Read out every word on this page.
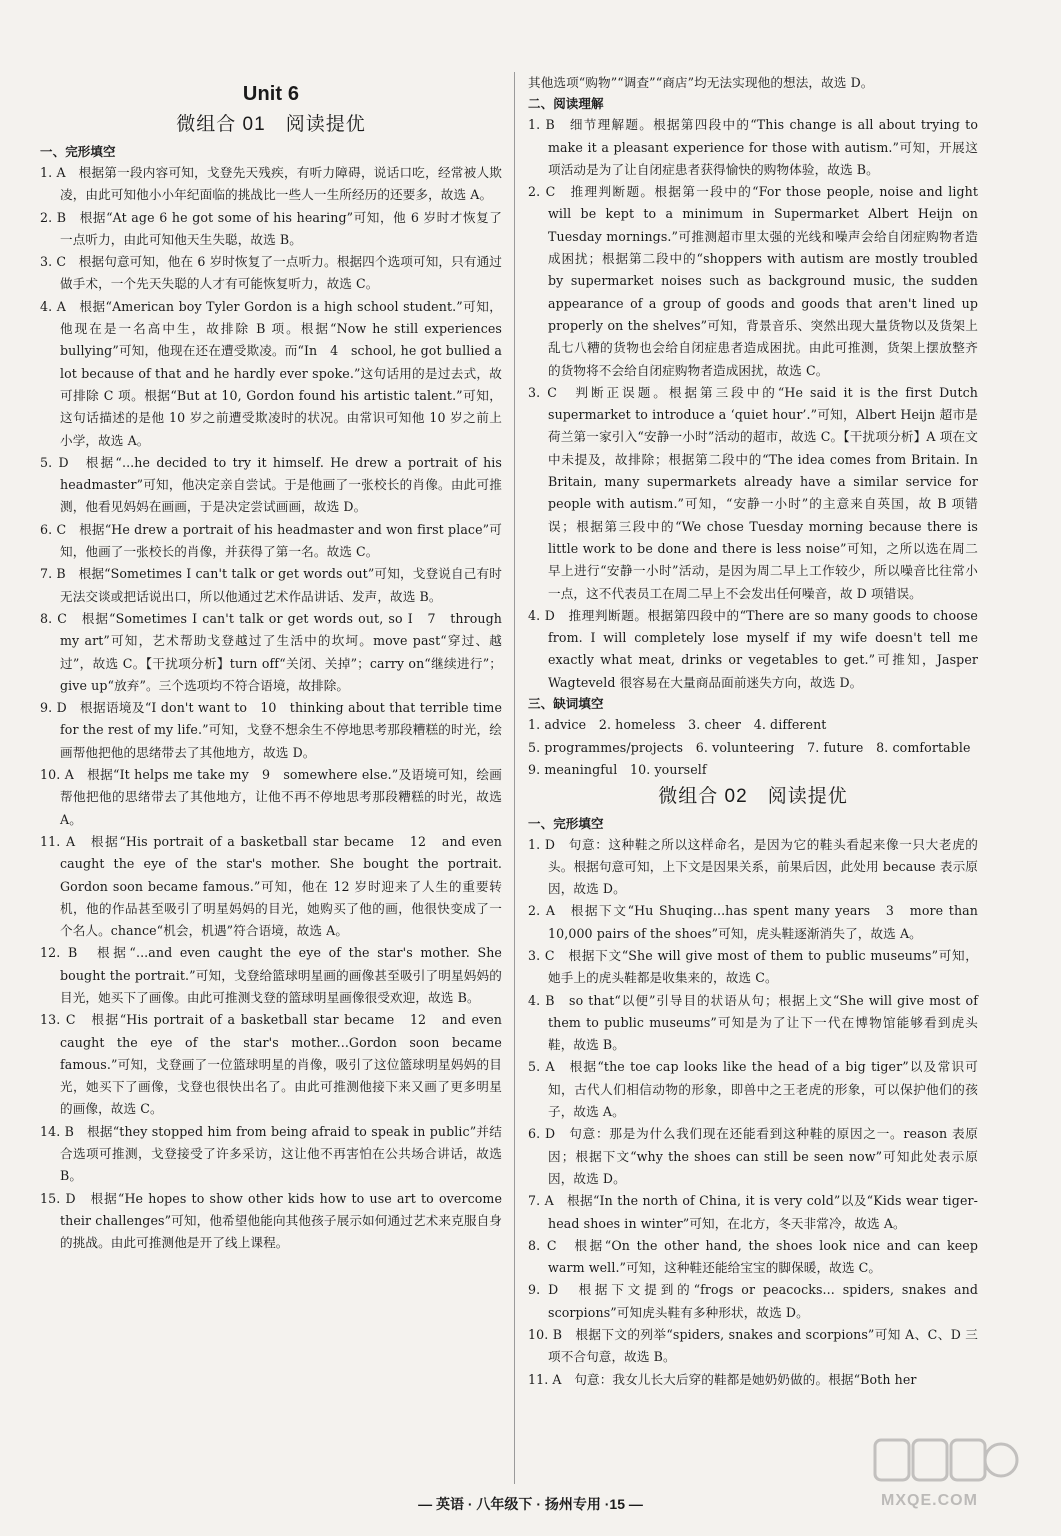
Unit 6
微组合 01　阅读提优
一、完形填空

1. A　根据第一段内容可知，戈登先天残疾，有听力障碍，说话口吃，经常被人欺凌，由此可知他小小年纪面临的挑战比一些人一生所经历的还要多，故选 A。

2. B　根据“At age 6 he got some of his hearing”可知，他 6 岁时才恢复了一点听力，由此可知他天生失聪，故选 B。

3. C　根据句意可知，他在 6 岁时恢复了一点听力。根据四个选项可知，只有通过做手术，一个先天失聪的人才有可能恢复听力，故选 C。

4. A　根据“American boy Tyler Gordon is a high school student.”可知，他现在是一名高中生，故排除 B 项。根据“Now he still experiences bullying”可知，他现在还在遭受欺凌。而“In　4　school, he got bullied a lot because of that and he hardly ever spoke.”这句话用的是过去式，故可排除 C 项。根据“But at 10, Gordon found his artistic talent.”可知，这句话描述的是他 10 岁之前遭受欺凌时的状况。由常识可知他 10 岁之前上小学，故选 A。

5. D　根据“...he decided to try it himself. He drew a portrait of his headmaster”可知，他决定亲自尝试。于是他画了一张校长的肖像。由此可推测，他看见妈妈在画画，于是决定尝试画画，故选 D。

6. C　根据“He drew a portrait of his headmaster and won first place”可知，他画了一张校长的肖像，并获得了第一名。故选 C。

7. B　根据“Sometimes I can't talk or get words out”可知，戈登说自己有时无法交谈或把话说出口，所以他通过艺术作品讲话、发声，故选 B。

8. C　根据“Sometimes I can't talk or get words out, so I　7　through my art”可知，艺术帮助戈登越过了生活中的坎坷。move past“穿过、越过”，故选 C。【干扰项分析】turn off“关闭、关掉”；carry on“继续进行”；give up“放弃”。三个选项均不符合语境，故排除。

9. D　根据语境及“I don't want to　10　thinking about that terrible time for the rest of my life.”可知，戈登不想余生不停地思考那段糟糕的时光，绘画帮他把他的思绪带去了其他地方，故选 D。

10. A　根据“It helps me take my　9　somewhere else.”及语境可知，绘画帮他把他的思绪带去了其他地方，让他不再不停地思考那段糟糕的时光，故选 A。

11. A　根据“His portrait of a basketball star became　12　and even caught the eye of the star's mother. She bought the portrait. Gordon soon became famous.”可知，他在 12 岁时迎来了人生的重要转机，他的作品甚至吸引了明星妈妈的目光，她购买了他的画，他很快变成了一个名人。chance“机会，机遇”符合语境，故选 A。

12. B　根据“...and even caught the eye of the star's mother. She bought the portrait.”可知，戈登给篮球明星画的画像甚至吸引了明星妈妈的目光，她买下了画像。由此可推测戈登的篮球明星画像很受欢迎，故选 B。

13. C　根据“His portrait of a basketball star became　12　and even caught the eye of the star's mother...Gordon soon became famous.”可知，戈登画了一位篮球明星的肖像，吸引了这位篮球明星妈妈的目光，她买下了画像，戈登也很快出名了。由此可推测他接下来又画了更多明星的画像，故选 C。

14. B　根据“they stopped him from being afraid to speak in public”并结合选项可推测，戈登接受了许多采访，这让他不再害怕在公共场合讲话，故选 B。

15. D　根据“He hopes to show other kids how to use art to overcome their challenges”可知，他希望他能向其他孩子展示如何通过艺术来克服自身的挑战。由此可推测他是开了线上课程。

其他选项“购物”“调查”“商店”均无法实现他的想法，故选 D。

二、阅读理解

1. B　细节理解题。根据第四段中的“This change is all about trying to make it a pleasant experience for those with autism.”可知，开展这项活动是为了让自闭症患者获得愉快的购物体验，故选 B。

2. C　推理判断题。根据第一段中的“For those people, noise and light will be kept to a minimum in Supermarket Albert Heijn on Tuesday mornings.”可推测超市里太强的光线和噪声会给自闭症购物者造成困扰；根据第二段中的“shoppers with autism are mostly troubled by supermarket noises such as background music, the sudden appearance of a group of goods and goods that aren't lined up properly on the shelves”可知，背景音乐、突然出现大量货物以及货架上乱七八糟的货物也会给自闭症患者造成困扰。由此可推测，货架上摆放整齐的货物将不会给自闭症购物者造成困扰，故选 C。

3. C　判断正误题。根据第三段中的“He said it is the first Dutch supermarket to introduce a ‘quiet hour’.”可知，Albert Heijn 超市是荷兰第一家引入“安静一小时”活动的超市，故选 C。【干扰项分析】A 项在文中未提及，故排除；根据第二段中的“The idea comes from Britain. In Britain, many supermarkets already have a similar service for people with autism.”可知，“安静一小时”的主意来自英国，故 B 项错误；根据第三段中的“We chose Tuesday morning because there is little work to be done and there is less noise”可知，之所以选在周二早上进行“安静一小时”活动，是因为周二早上工作较少，所以噪音比往常小一点，这不代表员工在周二早上不会发出任何噪音，故 D 项错误。

4. D　推理判断题。根据第四段中的“There are so many goods to choose from. I will completely lose myself if my wife doesn't tell me exactly what meat, drinks or vegetables to get.”可推知，Jasper Wagteveld 很容易在大量商品面前迷失方向，故选 D。

三、缺词填空

1. advice　2. homeless　3. cheer　4. different

5. programmes/projects　6. volunteering　7. future　8. comfortable

9. meaningful　10. yourself

微组合 02　阅读提优
一、完形填空

1. D　句意：这种鞋之所以这样命名，是因为它的鞋头看起来像一只大老虎的头。根据句意可知，上下文是因果关系，前果后因，此处用 because 表示原因，故选 D。

2. A　根据下文“Hu Shuqing...has spent many years　3　more than 10,000 pairs of the shoes”可知，虎头鞋逐渐消失了，故选 A。

3. C　根据下文“She will give most of them to public museums”可知，她手上的虎头鞋都是收集来的，故选 C。

4. B　so that“以便”引导目的状语从句；根据上文“She will give most of them to public museums”可知是为了让下一代在博物馆能够看到虎头鞋，故选 B。

5. A　根据“the toe cap looks like the head of a big tiger”以及常识可知，古代人们相信动物的形象，即兽中之王老虎的形象，可以保护他们的孩子，故选 A。

6. D　句意：那是为什么我们现在还能看到这种鞋的原因之一。reason 表原因；根据下文“why the shoes can still be seen now”可知此处表示原因，故选 D。

7. A　根据“In the north of China, it is very cold”以及“Kids wear tiger-head shoes in winter”可知，在北方，冬天非常冷，故选 A。

8. C　根据“On the other hand, the shoes look nice and can keep warm well.”可知，这种鞋还能给宝宝的脚保暖，故选 C。

9. D　根据下文提到的“frogs or peacocks... spiders, snakes and scorpions”可知虎头鞋有多种形状，故选 D。

10. B　根据下文的列举“spiders, snakes and scorpions”可知 A、C、D 三项不合句意，故选 B。

11. A　句意：我女儿长大后穿的鞋都是她奶奶做的。根据“Both her

— 英语 · 八年级下 · 扬州专用 ·15 —	MXQE.COM
